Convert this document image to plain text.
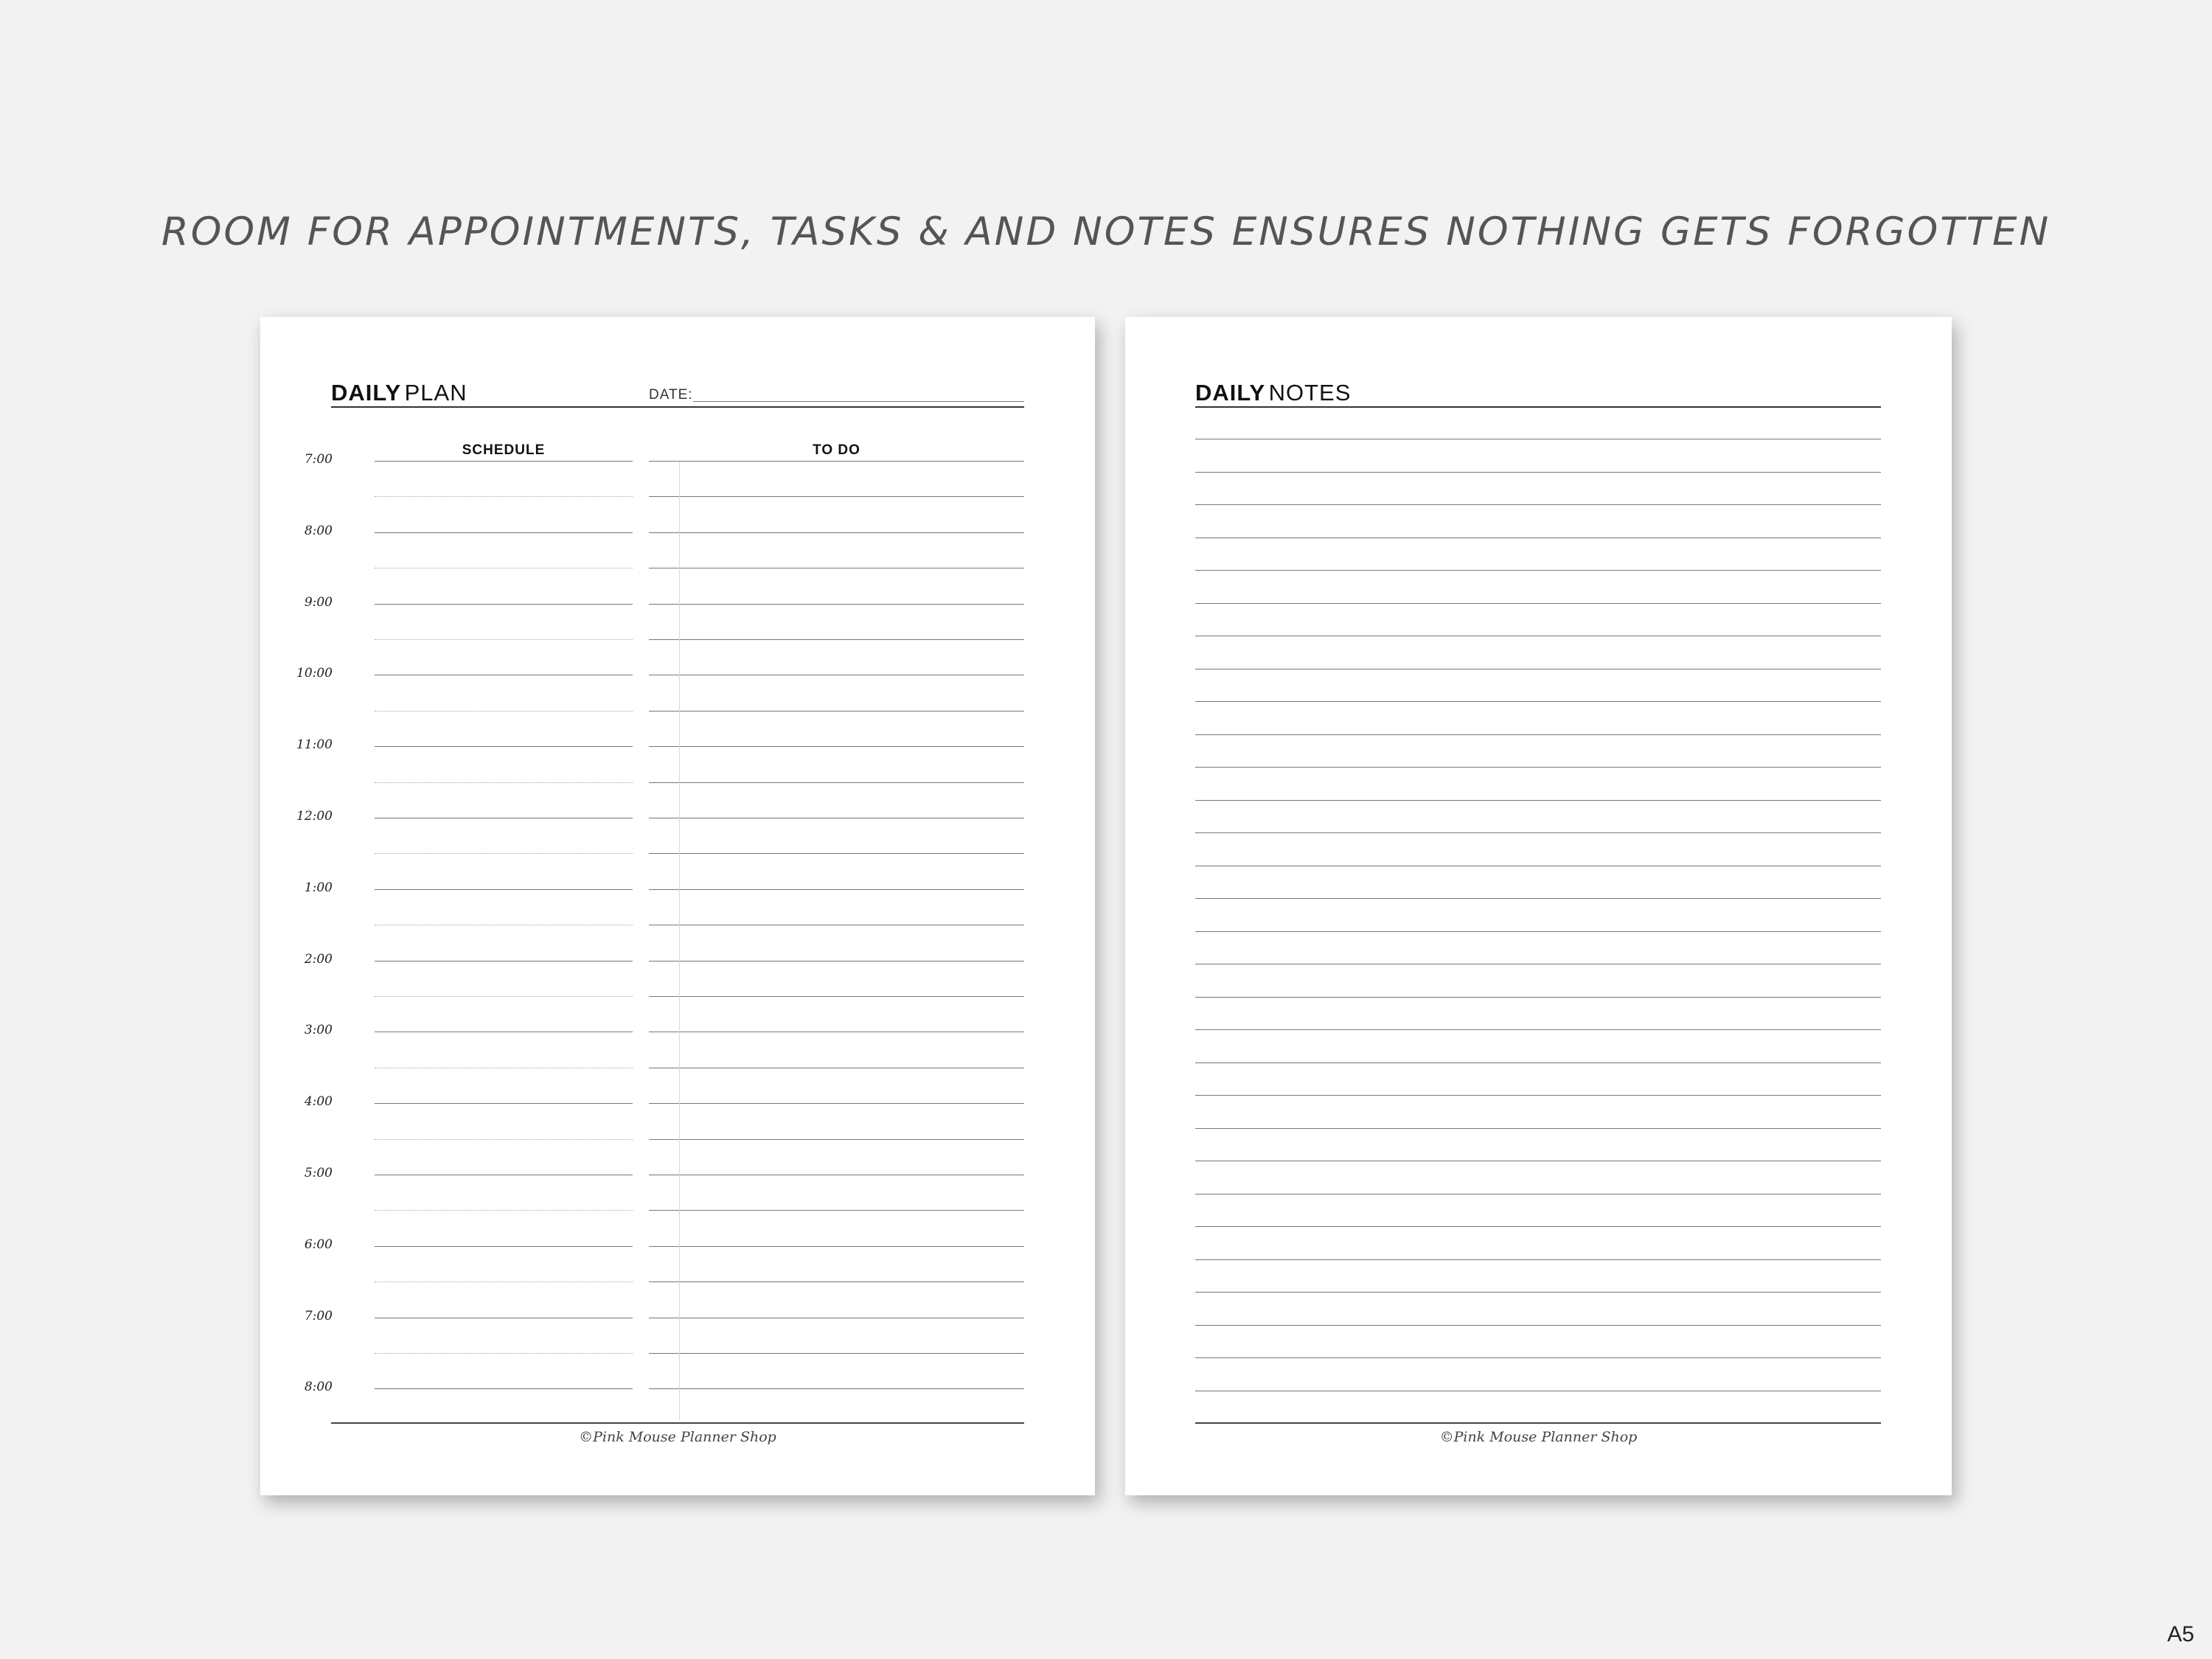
ROOM FOR APPOINTMENTS, TASKS & AND NOTES ENSURES NOTHING GETS FORGOTTEN
DAILY PLAN	DATE:
SCHEDULE	TO DO
7:00
8:00
9:00
10:00
11:00
12:00
1:00
2:00
3:00
4:00
5:00
6:00
7:00
8:00
©Pink Mouse Planner Shop
DAILY NOTES
©Pink Mouse Planner Shop
A5
